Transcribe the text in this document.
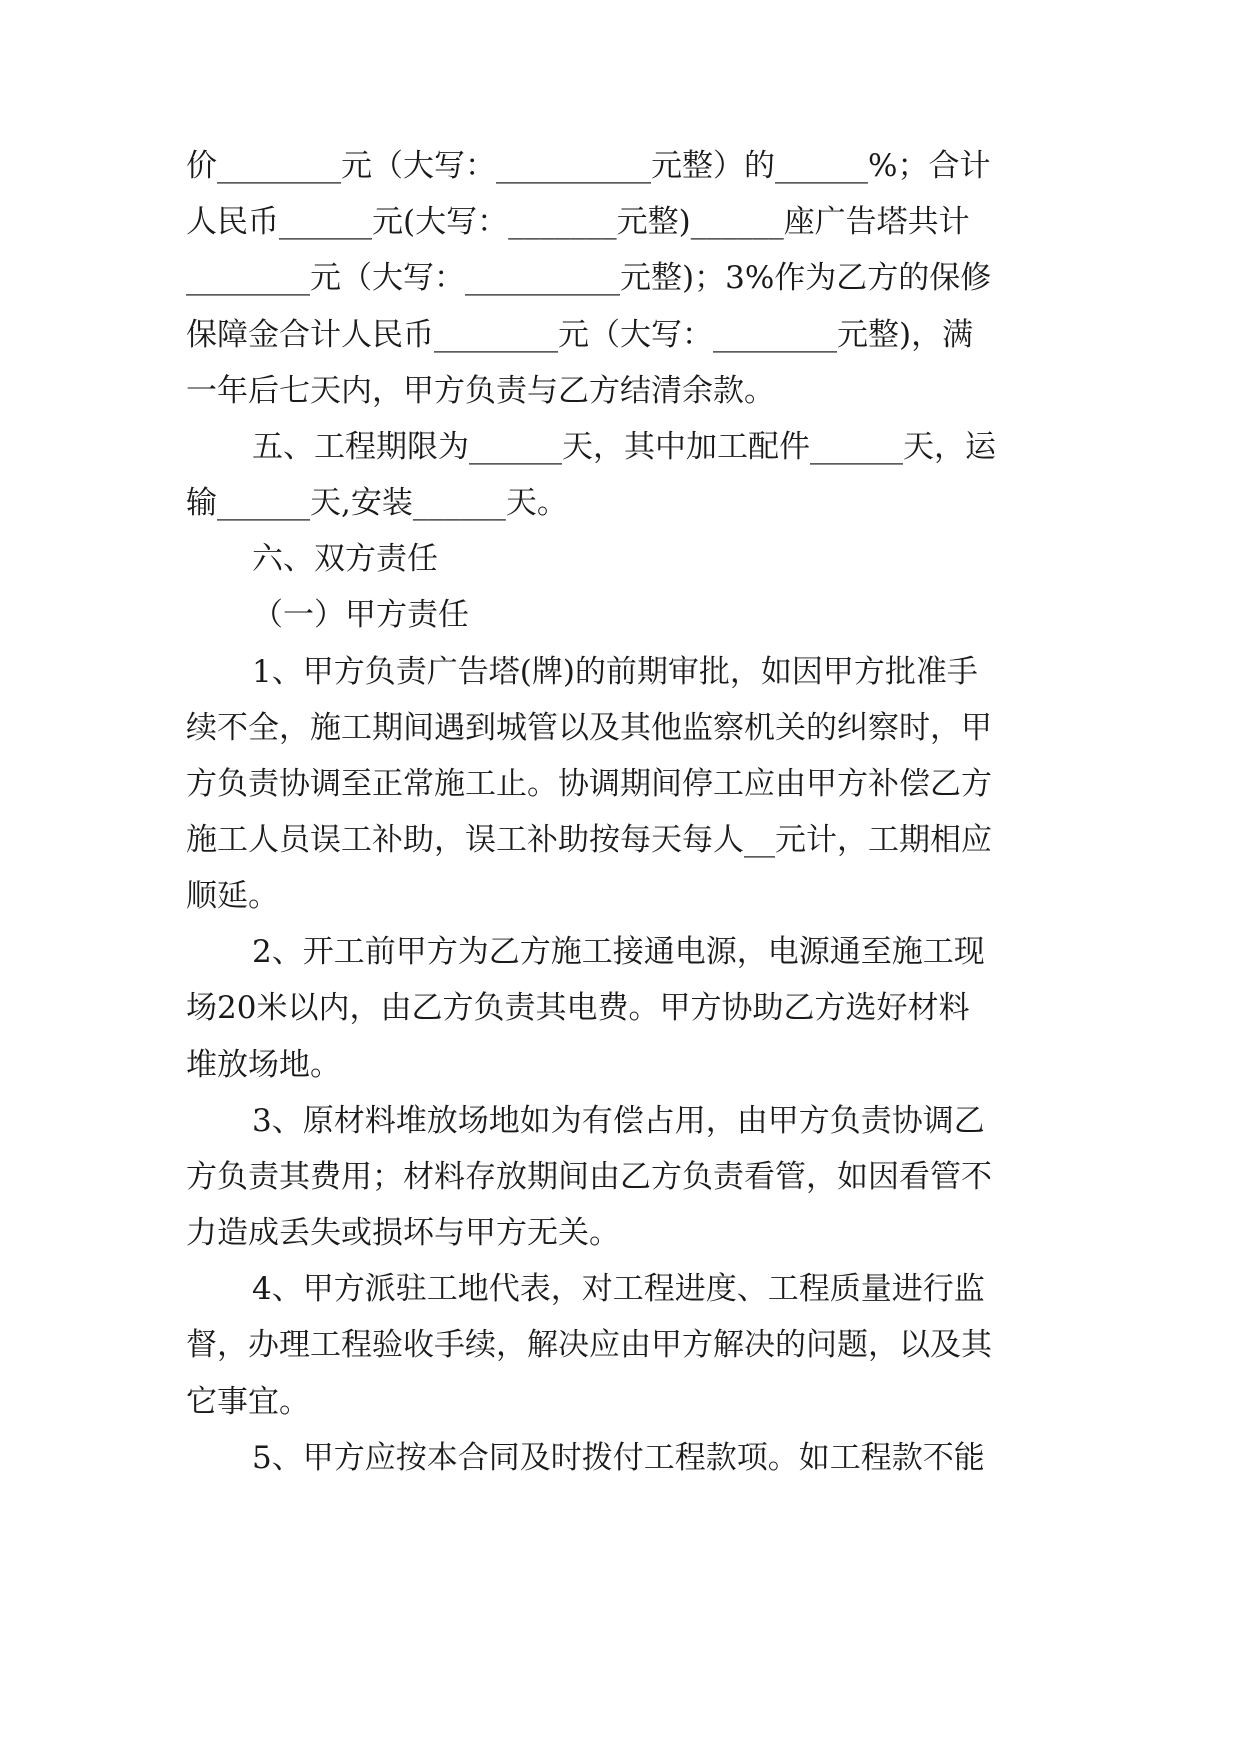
价________元（大写：__________元整）的______%；合计
人民币______元(大写：_______元整)______座广告塔共计
________元（大写：__________元整)；3%作为乙方的保修
保障金合计人民币________元（大写：________元整)，满
一年后七天内，甲方负责与乙方结清余款。
五、工程期限为______天，其中加工配件______天，运
输______天,安装______天。
六、双方责任
（一）甲方责任
1、甲方负责广告塔(牌)的前期审批，如因甲方批准手
续不全，施工期间遇到城管以及其他监察机关的纠察时，甲
方负责协调至正常施工止。协调期间停工应由甲方补偿乙方
施工人员误工补助，误工补助按每天每人__元计，工期相应
顺延。
2、开工前甲方为乙方施工接通电源，电源通至施工现
场20米以内，由乙方负责其电费。甲方协助乙方选好材料
堆放场地。
3、原材料堆放场地如为有偿占用，由甲方负责协调乙
方负责其费用；材料存放期间由乙方负责看管，如因看管不
力造成丢失或损坏与甲方无关。
4、甲方派驻工地代表，对工程进度、工程质量进行监
督，办理工程验收手续，解决应由甲方解决的问题，以及其
它事宜。
5、甲方应按本合同及时拨付工程款项。如工程款不能
